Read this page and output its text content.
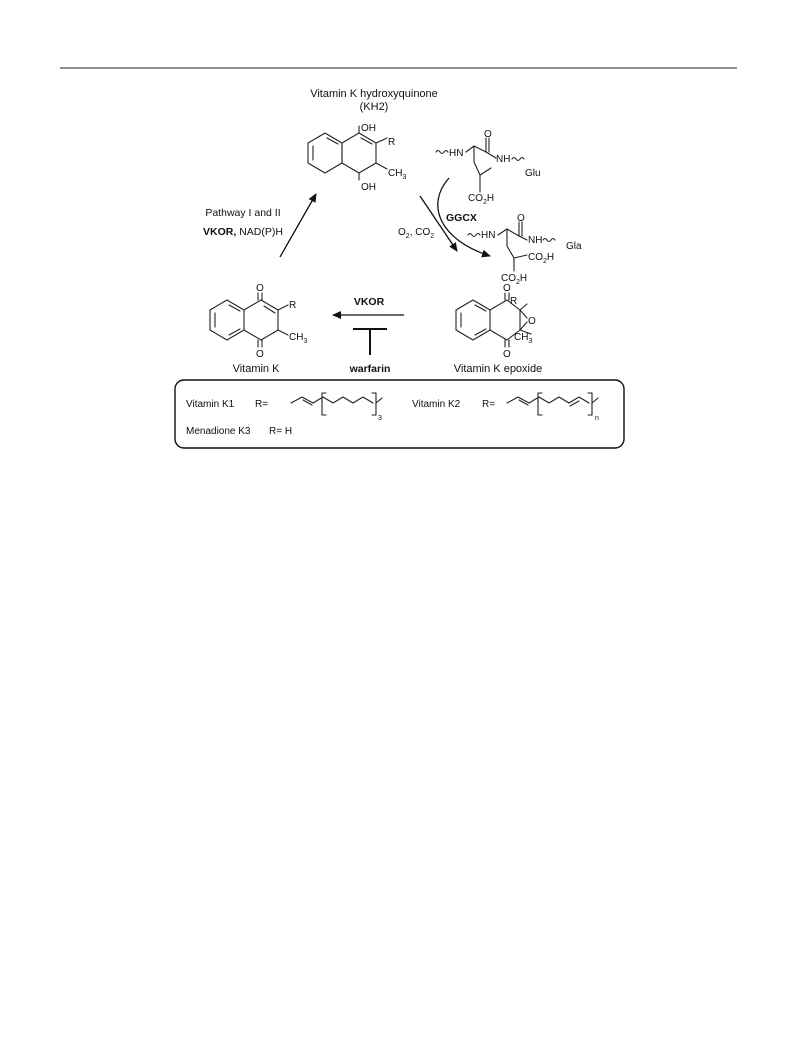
Vitamin K hydroxyquinone
(KH2)
OH
OH
R
$CH_3$
Pathway I and II
VKOR, NAD(P)H
GGCX
$O_2$, $CO_2$
HN
O
NH
Glu
$CO_2H$
HN
O
NH
Gla
$CO_2H$
$CO_2H$
O
O
R
$CH_3$
Vitamin K
VKOR
warfarin
O
O
R
O
$CH_3$
Vitamin K epoxide
Vitamin K1 R=
3
Vitamin K2 R=
n
Menadione K3 R= H
